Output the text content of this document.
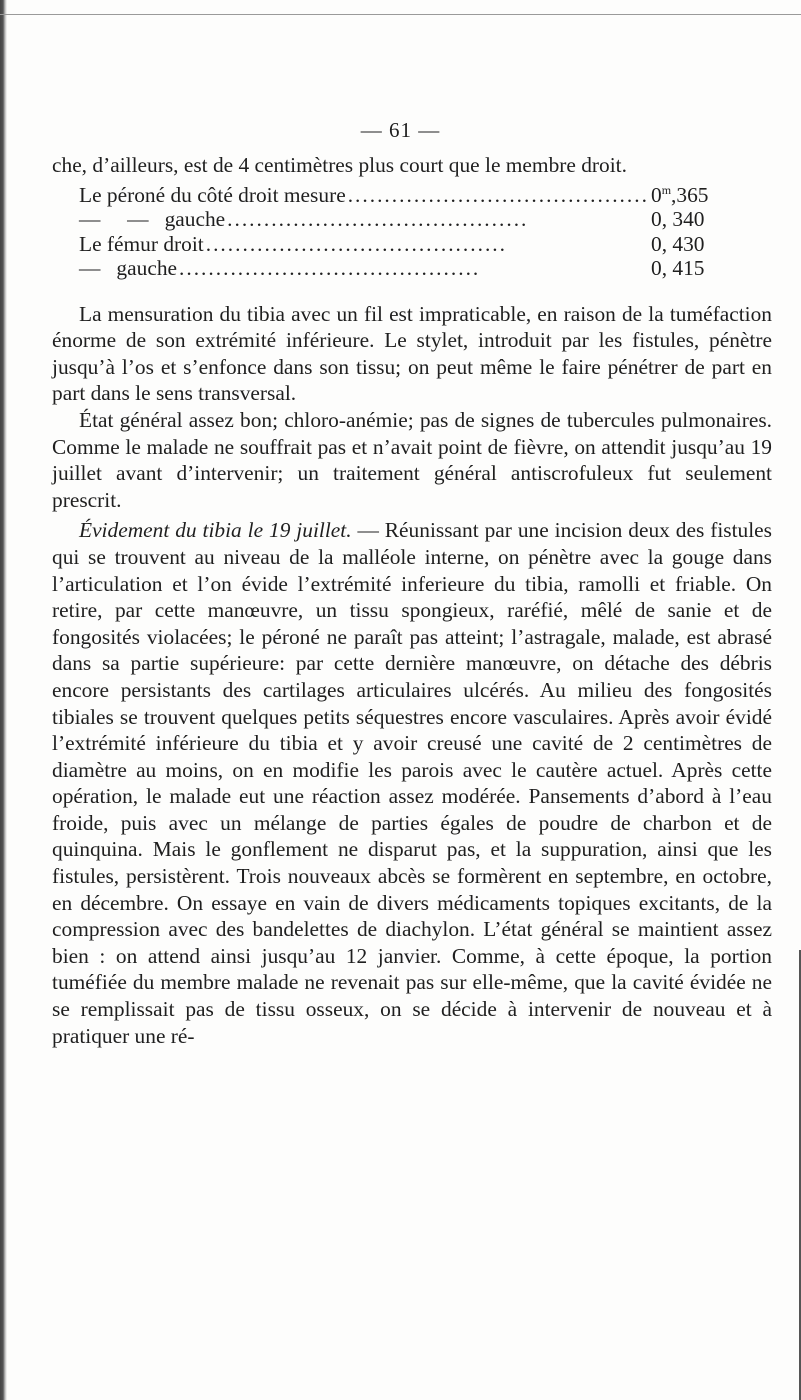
— 61 —

che, d’ailleurs, est de 4 centimètres plus court que le membre droit.

Le péroné du côté droit mesure ......................................... 0$^m$,365
—     —   gauche .........................................	0, 340
Le fémur droit .........................................	0, 430
—   gauche .........................................	0, 415

La mensuration du tibia avec un fil est impraticable, en raison de la tuméfaction énorme de son extrémité inférieure. Le stylet, introduit par les fistules, pénètre jusqu’à l’os et s’enfonce dans son tissu; on peut même le faire pénétrer de part en part dans le sens transversal.

État général assez bon; chloro-anémie; pas de signes de tubercules pulmonaires. Comme le malade ne souffrait pas et n’avait point de fièvre, on attendit jusqu’au 19 juillet avant d’intervenir; un traitement général antiscrofuleux fut seulement prescrit.

Évidement du tibia le 19 juillet. — Réunissant par une incision deux des fistules qui se trouvent au niveau de la malléole interne, on pénètre avec la gouge dans l’articulation et l’on évide l’extrémité inferieure du tibia, ramolli et friable. On retire, par cette manœuvre, un tissu spongieux, raréfié, mêlé de sanie et de fongosités violacées; le péroné ne paraît pas atteint; l’astragale, malade, est abrasé dans sa partie supérieure: par cette dernière manœuvre, on détache des débris encore persistants des cartilages articulaires ulcérés. Au milieu des fongosités tibiales se trouvent quelques petits séquestres encore vasculaires. Après avoir évidé l’extrémité inférieure du tibia et y avoir creusé une cavité de 2 centimètres de diamètre au moins, on en modifie les parois avec le cautère actuel. Après cette opération, le malade eut une réaction assez modérée. Pansements d’abord à l’eau froide, puis avec un mélange de parties égales de poudre de charbon et de quinquina. Mais le gonflement ne disparut pas, et la suppuration, ainsi que les fistules, persistèrent. Trois nouveaux abcès se formèrent en septembre, en octobre, en décembre. On essaye en vain de divers médicaments topiques excitants, de la compression avec des bandelettes de diachylon. L’état général se maintient assez bien : on attend ainsi jusqu’au 12 janvier. Comme, à cette époque, la portion tuméfiée du membre malade ne revenait pas sur elle-même, que la cavité évidée ne se remplissait pas de tissu osseux, on se décide à intervenir de nouveau et à pratiquer une ré-
